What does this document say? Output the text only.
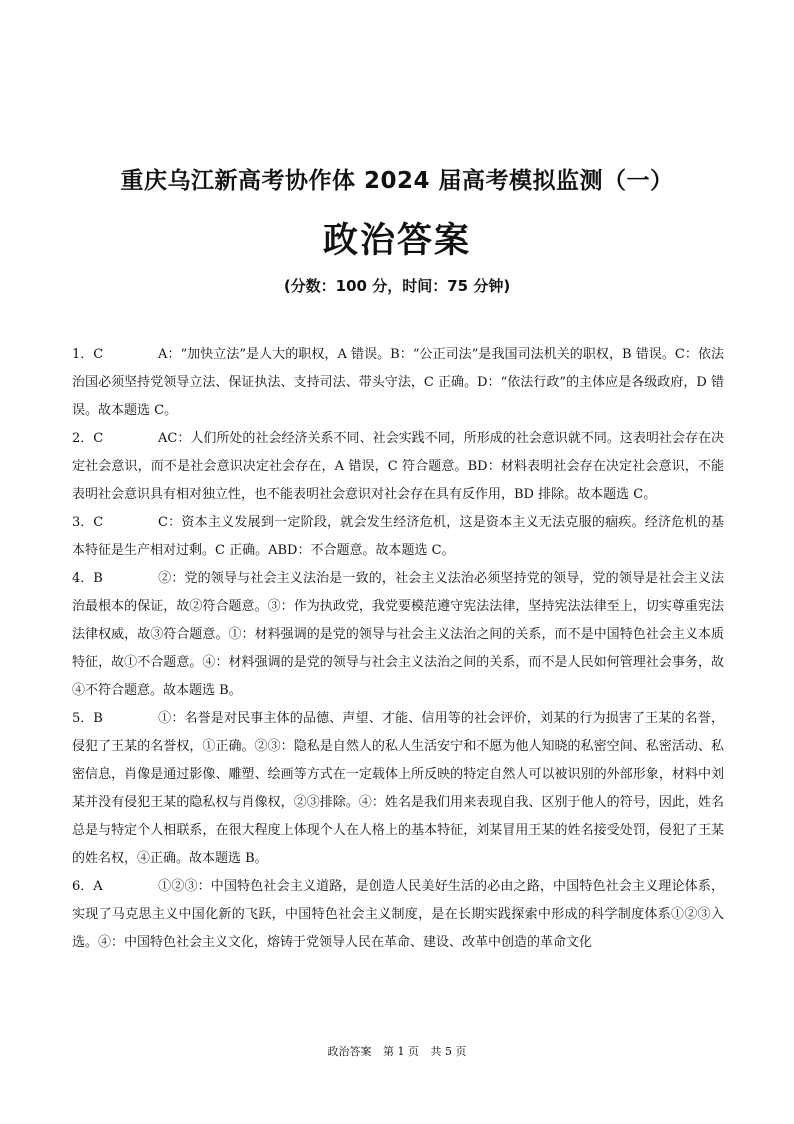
重庆乌江新高考协作体 2024 届高考模拟监测（一）
政治答案
(分数：100 分，时间：75 分钟)

1．C	A：“加快立法”是人大的职权，A 错误。B：“公正司法”是我国司法机关的职权，B 错误。C：依法治国必须坚持党领导立法、保证执法、支持司法、带头守法，C 正确。D：“依法行政”的主体应是各级政府，D 错误。故本题选 C。

2．C	AC：人们所处的社会经济关系不同、社会实践不同，所形成的社会意识就不同。这表明社会存在决定社会意识，而不是社会意识决定社会存在，A 错误，C 符合题意。BD：材料表明社会存在决定社会意识，不能表明社会意识具有相对独立性，也不能表明社会意识对社会存在具有反作用，BD 排除。故本题选 C。

3．C	C：资本主义发展到一定阶段，就会发生经济危机，这是资本主义无法克服的痼疾。经济危机的基本特征是生产相对过剩。C 正确。ABD：不合题意。故本题选 C。

4．B	②：党的领导与社会主义法治是一致的，社会主义法治必须坚持党的领导，党的领导是社会主义法治最根本的保证，故②符合题意。③：作为执政党，我党要模范遵守宪法法律，坚持宪法法律至上，切实尊重宪法法律权威，故③符合题意。①：材料强调的是党的领导与社会主义法治之间的关系，而不是中国特色社会主义本质特征，故①不合题意。④：材料强调的是党的领导与社会主义法治之间的关系，而不是人民如何管理社会事务，故④不符合题意。故本题选 B。

5．B	①：名誉是对民事主体的品德、声望、才能、信用等的社会评价，刘某的行为损害了王某的名誉，侵犯了王某的名誉权，①正确。②③：隐私是自然人的私人生活安宁和不愿为他人知晓的私密空间、私密活动、私密信息，肖像是通过影像、雕塑、绘画等方式在一定载体上所反映的特定自然人可以被识别的外部形象，材料中刘某并没有侵犯王某的隐私权与肖像权，②③排除。④：姓名是我们用来表现自我、区别于他人的符号，因此，姓名总是与特定个人相联系，在很大程度上体现个人在人格上的基本特征，刘某冒用王某的姓名接受处罚，侵犯了王某的姓名权，④正确。故本题选 B。

6．A	①②③：中国特色社会主义道路，是创造人民美好生活的必由之路，中国特色社会主义理论体系，实现了马克思主义中国化新的飞跃，中国特色社会主义制度，是在长期实践探索中形成的科学制度体系①②③入选。④：中国特色社会主义文化，熔铸于党领导人民在革命、建设、改革中创造的革命文化

政治答案 第 1 页 共 5 页
